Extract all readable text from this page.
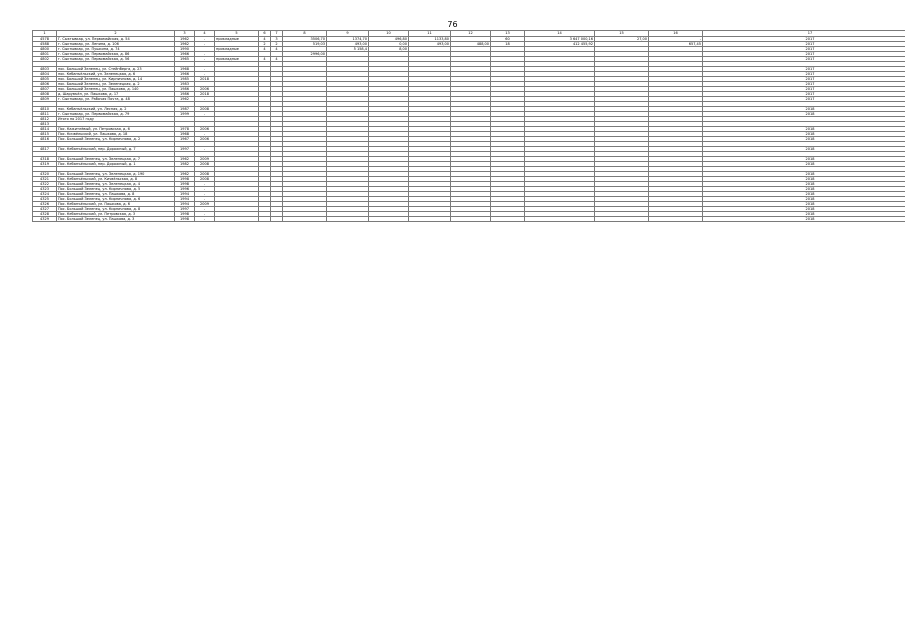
76
1	2	3	4	5	6	7	8	9	10	11	12	13	14	15	16	17
4578	Г. Сыктывкар, ул. Первомайская, д. 54	1962	-	прикладные	4	3	3506,70	1374,70	496,80	1133,80		60	3 647 000,16	27,00	-	2017
4588	г. Сыктывкар, ул. Ленина, д. 106	1962	-		2	2	519,03	493,00	0,00	493,00	488,00	18	412 455,92		657,45	2017
4800	г. Сыктывкар, ул. Пушкина, д. 74	1990		прикладные	4	4		5 158,4	8,00							2017
4801	г. Сыктывкар, ул. Первомайская, д. 86	1966	-				2996,00									2017
4802	г. Сыктывкар, ул. Первомайская, д. 56	1965	-	прикладные	4	4										2017

4803	пос. Большой Зеленец, ул. Стейнберга, д. 23	1968	-													2017
4804	пос. Кебанъёльский, ул. Зеленецкая, д. 6	1966	-													2017
4805	пос. Большой Зеленец, ул. Кирпичнова, д. 14	1985	2018													2017
4806	пос. Большой Зеленец, ул. Зеленецкая, д. 2	1983														2017
4807	пос. Большой Зеленец, ул. Пашкова, д. 140	1986	2006													2017
4808	д. Шарувъёл, ул. Пашкова, д. 17	1986	2018													2017
4809	г. Сыктывкар, ул. Рабочая Почта, д. 48	1962	-													2017

4810	пос. Кебанъёльский, ул. Лесная, д. 2	1987	2008													2018
4811	г. Сыктывкар, ул. Первомайская, д. 79	1999	-													2018
4812	Итого по 2017 году															
4813																
4814	Пос. Кажитлёвый, ул. Петровская, д. 6	1978	2006													2018
4815	Пос. Кичвёльский, ул. Пашкова, д. 18	1968	-													2018
4816	Пос. Большой Зеленец, ул. Кирпичнова, д. 2	1967	2006													2018

4817	Пос. Кебанъёльский, пер. Дорожный, д. 7	1997	-													2018

4318	Пос. Большой Зеленец, ул. Зеленецкая, д. 7	1962	2009													2018
4319	Пос. Кебанъёльский, пер. Дорожный, д. 1	1982	2008													2018

4320	Пос. Большой Зеленец, ул. Зеленецкая, д. 190	1962	2008													2018
4321	Пос. Кебанъёльский, ул. Кичвёльская, д. 8	1998	2008													2018
4322	Пос. Большой Зеленец, ул. Зеленецкая, д. 4	1998	-													2018
4323	Пос. Большой Зеленец, ул. Кирпичнова, д. 5	1996	-													2018
4324	Пос. Большой Зеленец, ул. Пашкова, д. 8	1994	-													2018
4325	Пос. Большой Зеленец, ул. Кирпичнова, д. 6	1994	-													2018
4326	Пос. Кебанъёльский, ул. Пашкова, д. 6	1994	2009													2018
4327	Пос. Большой Зеленец, ул. Кирпичнова, д. 8	1997	-													2018
4328	Пос. Кебанъёльский, ул. Петровская, д. 3	1998	-													2018
4329	Пос. Большой Зеленец, ул. Пашкова, д. 3	1998	-													2018
